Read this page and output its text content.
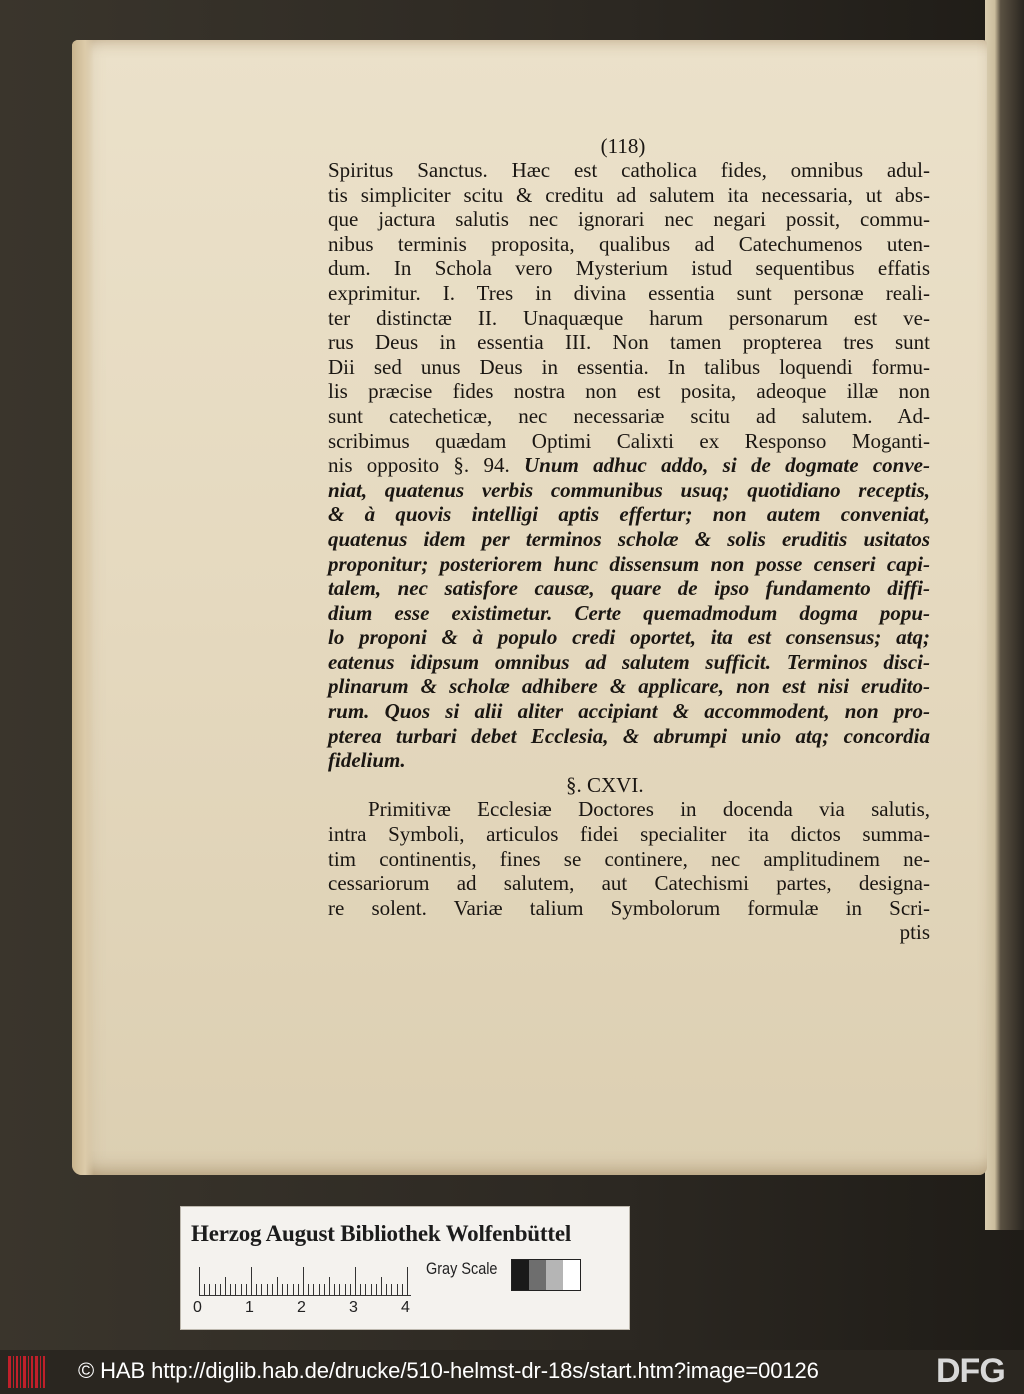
(118)
Spiritus Sanctus. Hæc est catholica fides, omnibus adul-
tis simpliciter scitu & creditu ad salutem ita necessaria, ut abs-
que jactura salutis nec ignorari nec negari possit, commu-
nibus terminis proposita, qualibus ad Catechumenos uten-
dum. In Schola vero Mysterium istud sequentibus effatis
exprimitur. I. Tres in divina essentia sunt personæ reali-
ter distinctæ II. Unaquæque harum personarum est ve-
rus Deus in essentia III. Non tamen propterea tres sunt
Dii sed unus Deus in essentia. In talibus loquendi formu-
lis præcise fides nostra non est posita, adeoque illæ non
sunt catecheticæ, nec necessariæ scitu ad salutem. Ad-
scribimus quædam Optimi Calixti ex Responso Moganti-
nis opposito §. 94. Unum adhuc addo, si de dogmate conve-
niat, quatenus verbis communibus usuq; quotidiano receptis,
& à quovis intelligi aptis effertur; non autem conveniat,
quatenus idem per terminos scholæ & solis eruditis usitatos
proponitur; posteriorem hunc dissensum non posse censeri capi-
talem, nec satisfore causæ, quare de ipso fundamento diffi-
dium esse existimetur. Certe quemadmodum dogma popu-
lo proponi & à populo credi oportet, ita est consensus; atq;
eatenus idipsum omnibus ad salutem sufficit. Terminos disci-
plinarum & scholæ adhibere & applicare, non est nisi erudito-
rum. Quos si alii aliter accipiant & accommodent, non pro-
pterea turbari debet Ecclesia, & abrumpi unio atq; concordia
fidelium.
§. CXVI.
Primitivæ Ecclesiæ Doctores in docenda via salutis,
intra Symboli, articulos fidei specialiter ita dictos summa-
tim continentis, fines se continere, nec amplitudinem ne-
cessariorum ad salutem, aut Catechismi partes, designa-
re solent. Variæ talium Symbolorum formulæ in Scri-
ptis
Herzog August Bibliothek Wolfenbüttel
0	1	2	3	4
Gray Scale
© HAB http://diglib.hab.de/drucke/510-helmst-dr-18s/start.htm?image=00126	DFG
